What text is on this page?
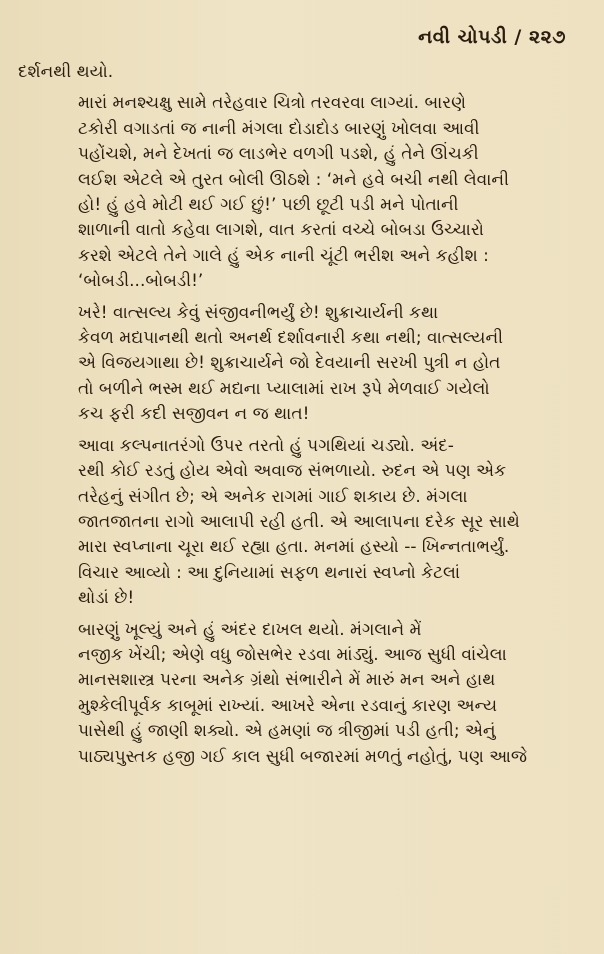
નવી ચોપડી / ૨૨૭
દર્શનથી થયો.
મારાં મનશ્ચક્ષુ સામે તરેહવાર ચિત્રો તરવરવા લાગ્યાં. બારણે
ટકોરી વગાડતાં જ નાની મંગલા દોડાદોડ બારણું ખોલવા આવી
પહોંચશે, મને દેખતાં જ લાડભેર વળગી પડશે, હું તેને ઊંચકી
લઈશ એટલે એ તુરત બોલી ઊઠશે : ‘મને હવે બચી નથી લેવાની
હો! હું હવે મોટી થઈ ગઈ છું!’ પછી છૂટી પડી મને પોતાની
શાળાની વાતો કહેવા લાગશે, વાત કરતાં વચ્ચે બોબડા ઉચ્ચારો
કરશે એટલે તેને ગાલે હું એક નાની ચૂંટી ભરીશ અને કહીશ :
‘બોબડી...બોબડી!’
ખરે! વાત્સલ્ય કેવું સંજીવનીભર્યું છે! શુક્રાચાર્યની કથા
કેવળ મદ્યપાનથી થતો અનર્થ દર્શાવનારી કથા નથી; વાત્સલ્યની
એ વિજયગાથા છે! શુક્રાચાર્યને જો દેવયાની સરખી પુત્રી ન હોત
તો બળીને ભસ્મ થઈ મદ્યના પ્યાલામાં રાખ રૂપે મેળવાઈ ગયેલો
કચ ફરી કદી સજીવન ન જ થાત!
આવા કલ્પનાતરંગો ઉપર તરતો હું પગથિયાં ચડ્યો. અંદ-
રથી કોઈ રડતું હોય એવો અવાજ સંભળાયો. રુદન એ પણ એક
તરેહનું સંગીત છે; એ અનેક રાગમાં ગાઈ શકાય છે. મંગલા
જાતજાતના રાગો આલાપી રહી હતી. એ આલાપના દરેક સૂર સાથે
મારા સ્વપ્નાના ચૂરા થઈ રહ્યા હતા. મનમાં હસ્યો -- ખિન્નતાભર્યું.
વિચાર આવ્યો : આ દુનિયામાં સફળ થનારાં સ્વપ્નો કેટલાં
થોડાં છે!
બારણું ખૂલ્યું અને હું અંદર દાખલ થયો. મંગલાને મેં
નજીક ખેંચી; એણે વધુ જોસભેર રડવા માંડ્યું. આજ સુધી વાંચેલા
માનસશાસ્ત્ર પરના અનેક ગ્રંથો સંભારીને મેં મારું મન અને હાથ
મુશ્કેલીપૂર્વક કાબૂમાં રાખ્યાં. આખરે એના રડવાનું કારણ અન્ય
પાસેથી હું જાણી શક્યો. એ હમણાં જ ત્રીજીમાં પડી હતી; એનું
પાઠ્યપુસ્તક હજી ગઈ કાલ સુધી બજારમાં મળતું નહોતું, પણ આજે
